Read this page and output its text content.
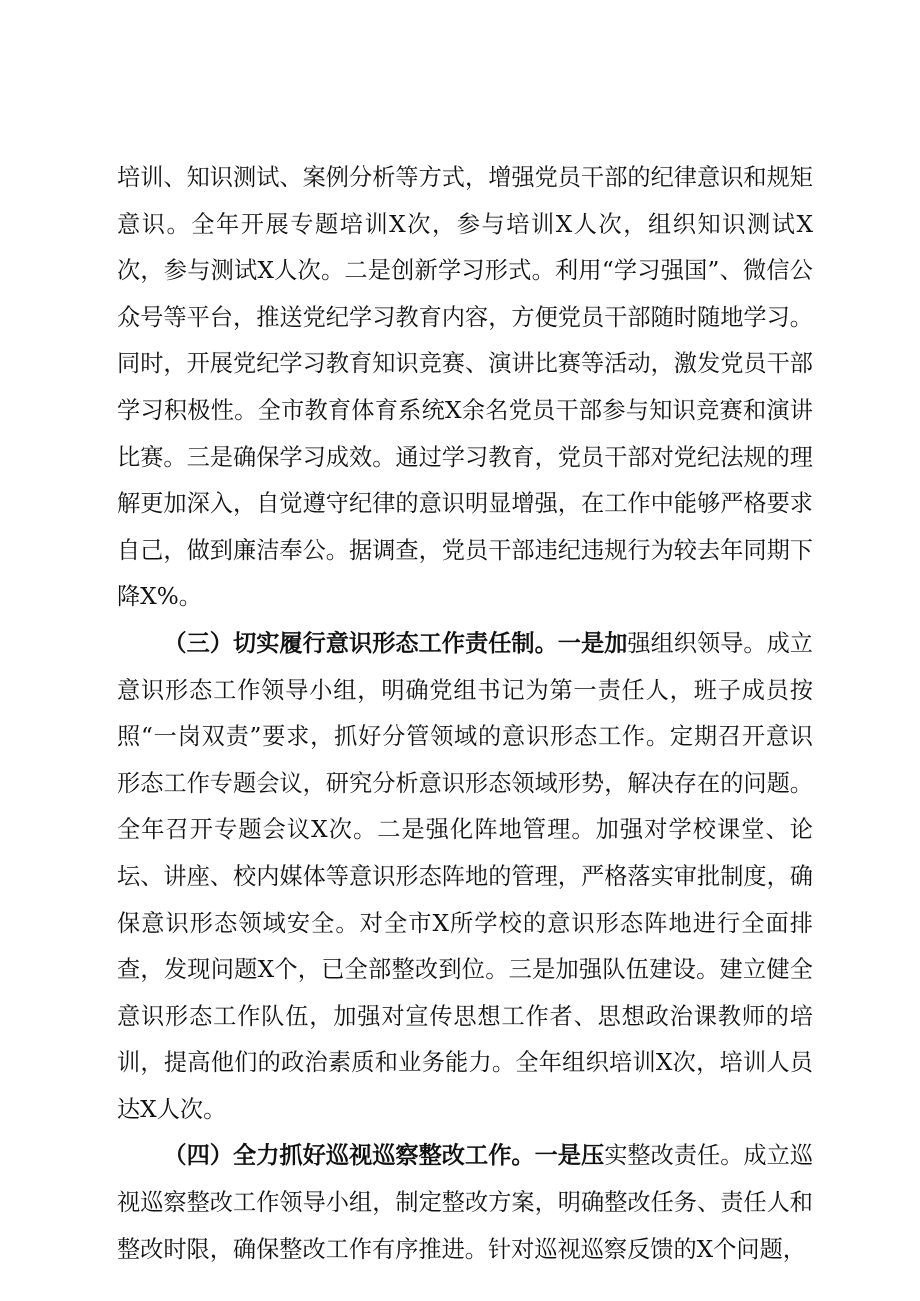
培训、知识测试、案例分析等方式，增强党员干部的纪律意识和规矩意识。全年开展专题培训X次，参与培训X人次，组织知识测试X次，参与测试X人次。二是创新学习形式。利用“学习强国”、微信公众号等平台，推送党纪学习教育内容，方便党员干部随时随地学习。同时，开展党纪学习教育知识竞赛、演讲比赛等活动，激发党员干部学习积极性。全市教育体育系统X余名党员干部参与知识竞赛和演讲比赛。三是确保学习成效。通过学习教育，党员干部对党纪法规的理解更加深入，自觉遵守纪律的意识明显增强，在工作中能够严格要求自己，做到廉洁奉公。据调查，党员干部违纪违规行为较去年同期下降X%。

（三）切实履行意识形态工作责任制。一是加强组织领导。成立意识形态工作领导小组，明确党组书记为第一责任人，班子成员按照“一岗双责”要求，抓好分管领域的意识形态工作。定期召开意识形态工作专题会议，研究分析意识形态领域形势，解决存在的问题。全年召开专题会议X次。二是强化阵地管理。加强对学校课堂、论坛、讲座、校内媒体等意识形态阵地的管理，严格落实审批制度，确保意识形态领域安全。对全市X所学校的意识形态阵地进行全面排查，发现问题X个，已全部整改到位。三是加强队伍建设。建立健全意识形态工作队伍，加强对宣传思想工作者、思想政治课教师的培训，提高他们的政治素质和业务能力。全年组织培训X次，培训人员达X人次。

（四）全力抓好巡视巡察整改工作。一是压实整改责任。成立巡视巡察整改工作领导小组，制定整改方案，明确整改任务、责任人和整改时限，确保整改工作有序推进。针对巡视巡察反馈的X个问题，
